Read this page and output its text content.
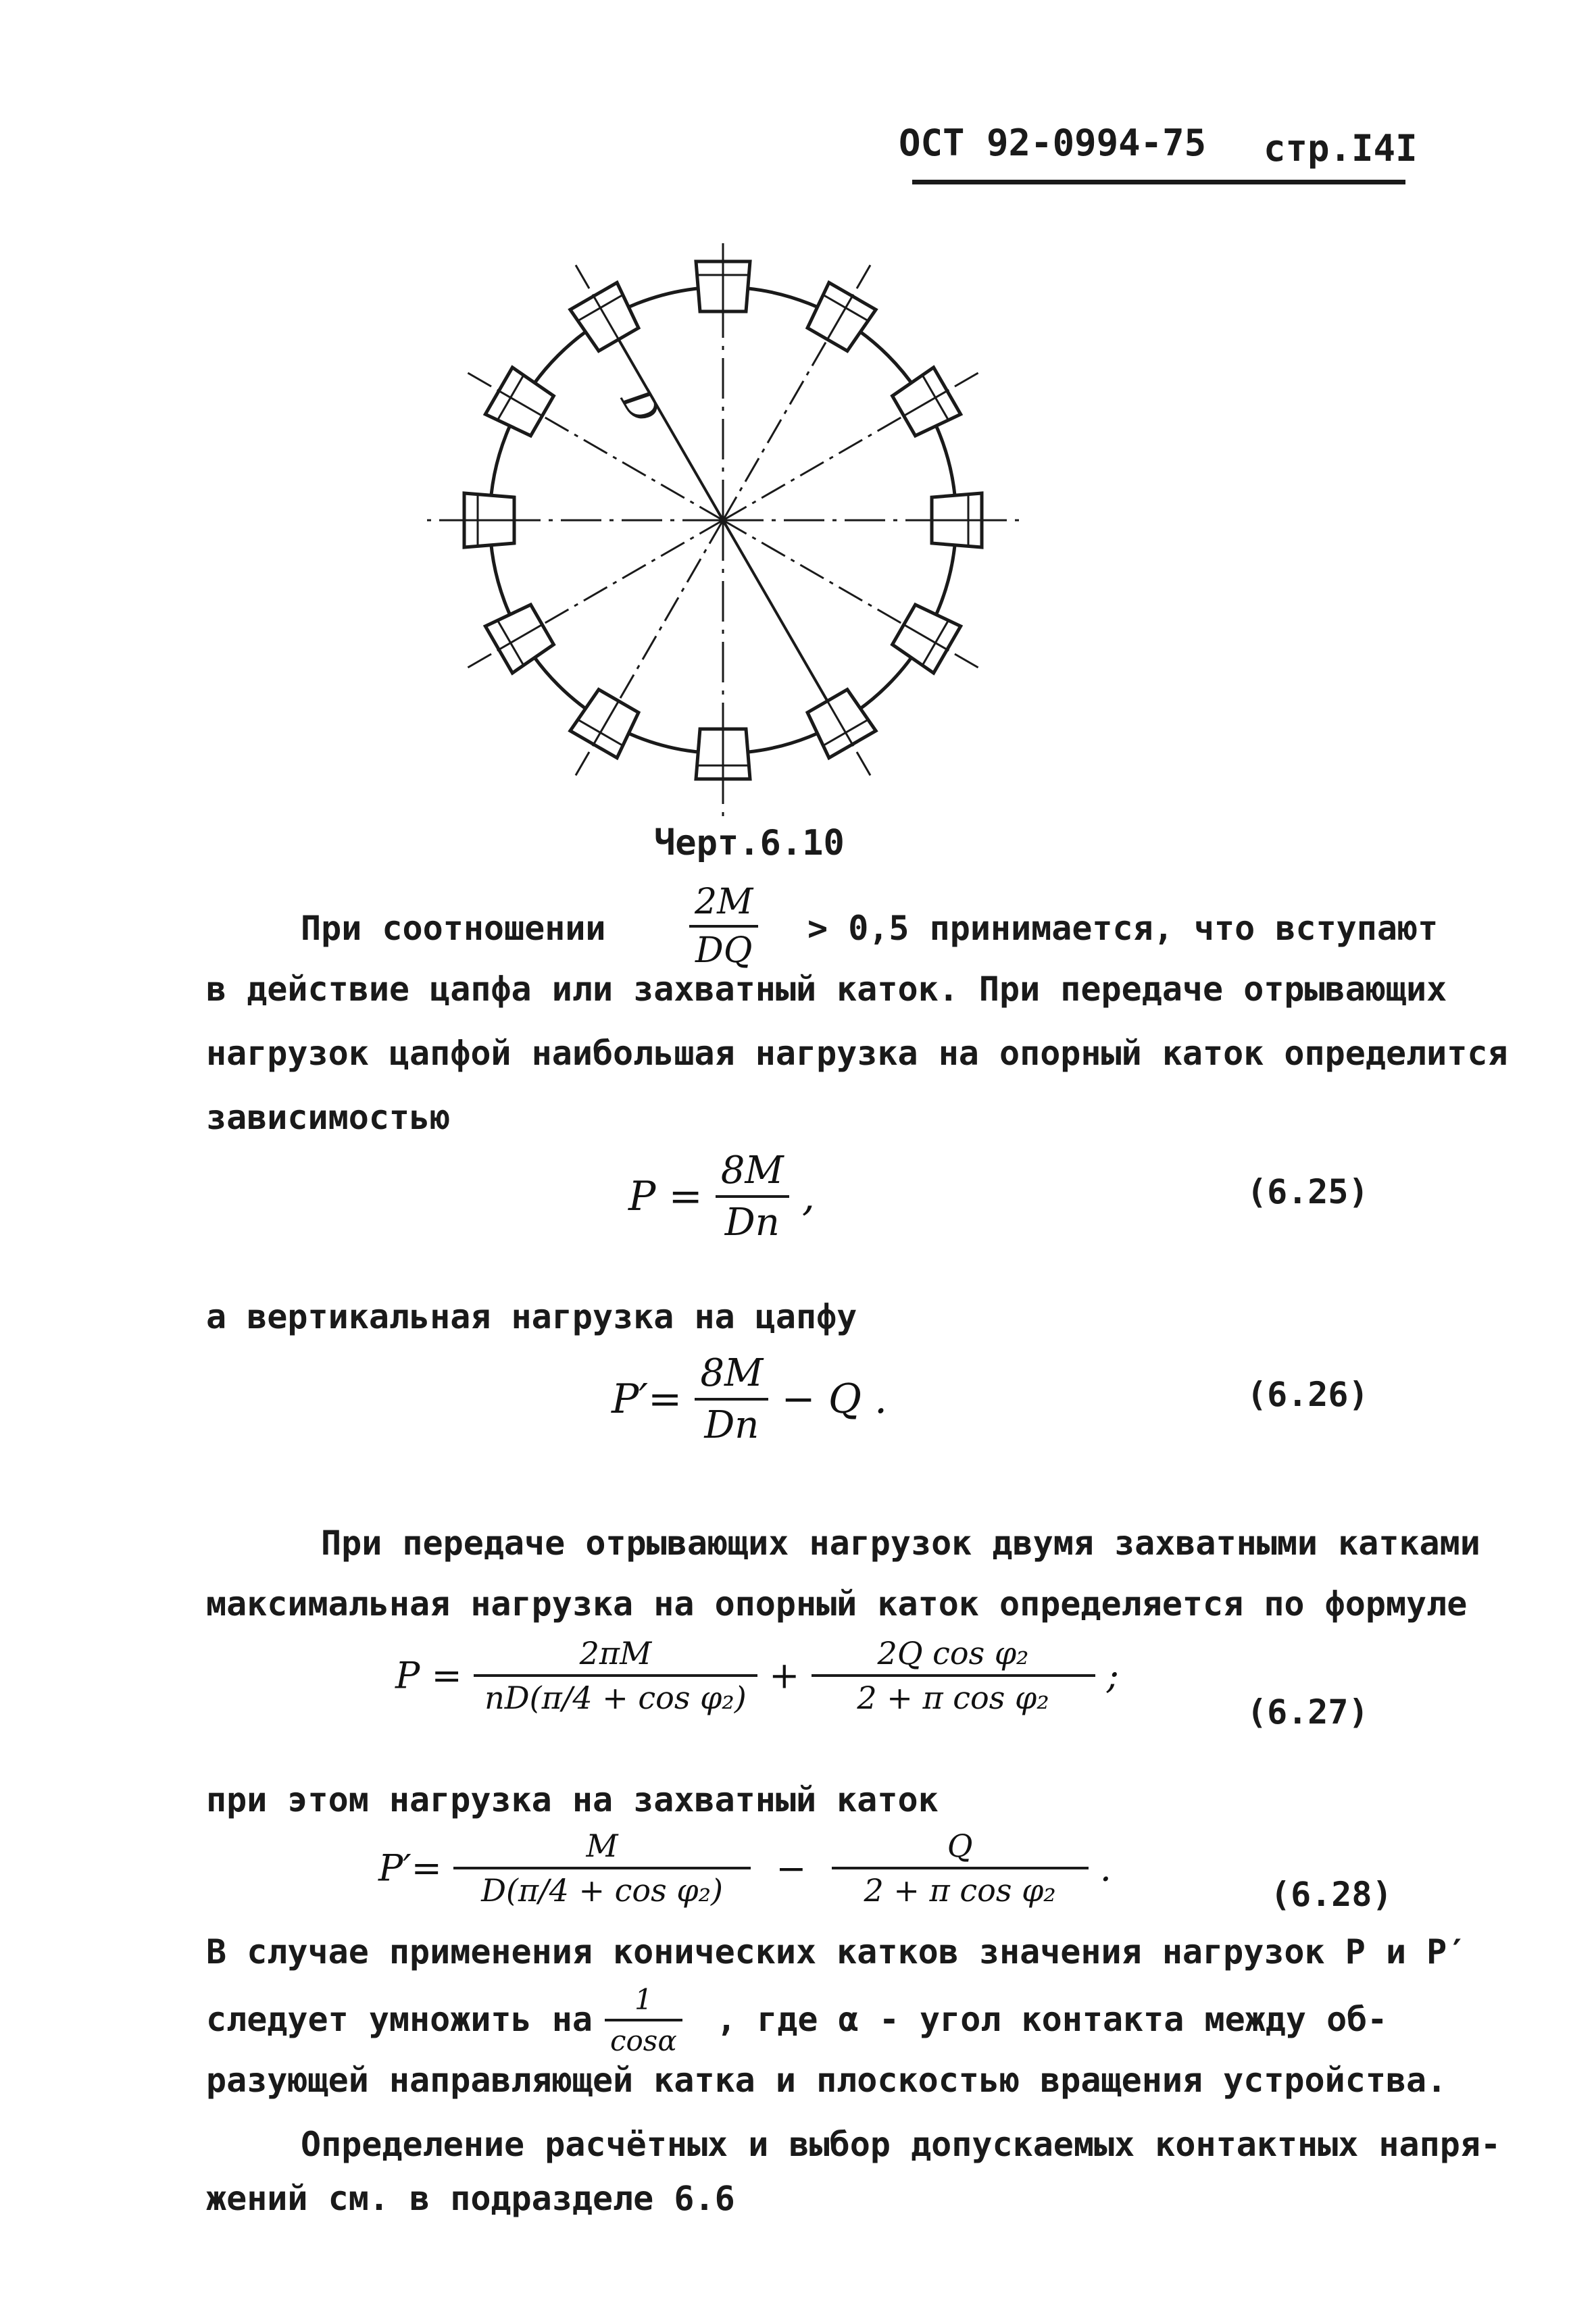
ОСТ 92-0994-75 стр.I4I
D
Черт.6.10
При соотношении $\frac{2M}{DQ} > 0,5$ принимается, что вступают
в действие цапфа или захватный каток. При передаче отрывающих
нагрузок цапфой наибольшая нагрузка на опорный каток определится
зависимостью
$P = \frac{8M}{Dn}$ ,	(6.25)
а вертикальная нагрузка на цапфу
$P'= \frac{8M}{Dn} - Q$ .	(6.26)
При передаче отрывающих нагрузок двумя захватными катками
максимальная нагрузка на опорный каток определяется по формуле
$P = \frac{2\pi M}{\text{nD(π/4 + cos φ₂)}} + \frac{\text{2Q cos φ₂}}{\text{2 + π cos φ₂}}$ ;
(6.27)
при этом нагрузка на захватный каток
$P'= \frac{M}{\text{D(π/4 + cos φ₂)}} - \frac{Q}{\text{2 + π cos φ₂}}$ .
(6.28)
В случае применения конических катков значения нагрузок P и P′
следует умножить на $\frac{1}{\cos\alpha}$ , где α - угол контакта между об-
разующей направляющей катка и плоскостью вращения устройства.
Определение расчётных и выбор допускаемых контактных напря-
жений см. в подразделе 6.6
